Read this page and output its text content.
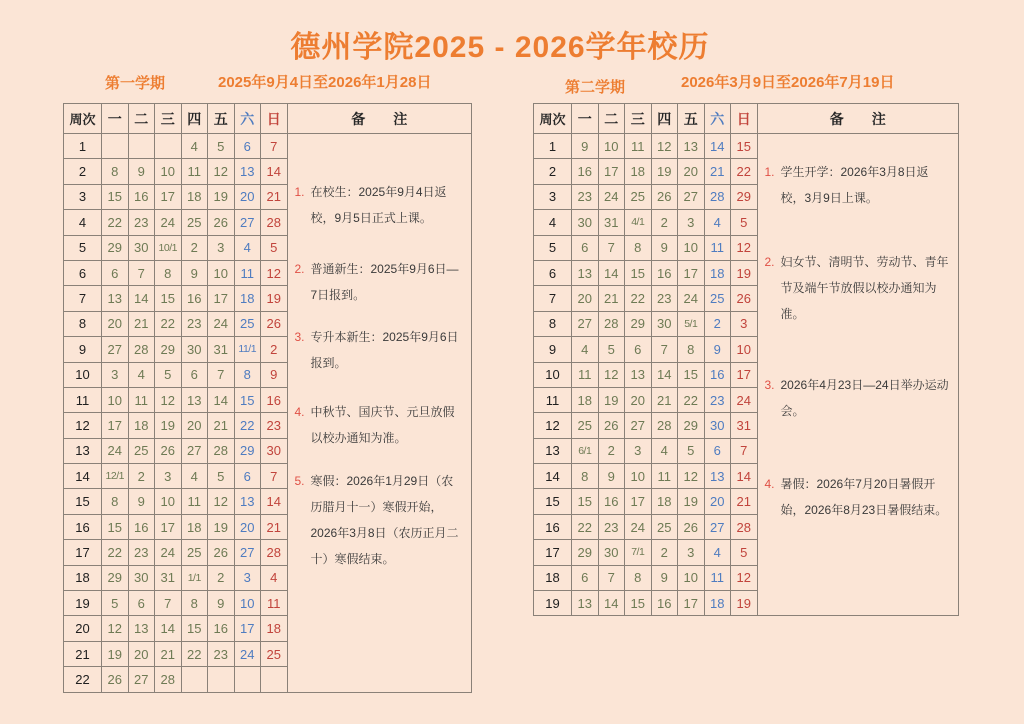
德州学院2025 - 2026学年校历
第一学期	2025年9月4日至2026年1月28日	第二学期	2026年3月9日至2026年7月19日
周次	一	二	三	四	五	六	日	备　　注
1				4	5	6	7	
1. 在校生：2025年9月4日返校，9月5日正式上课。
2. 普通新生：2025年9月6日—7日报到。
3. 专升本新生：2025年9月6日报到。
4. 中秋节、国庆节、元旦放假以校办通知为准。
5. 寒假：2026年1月29日（农历腊月十一）寒假开始，2026年3月8日（农历正月二十）寒假结束。

2	8	9	10	11	12	13	14	
3	15	16	17	18	19	20	21	
4	22	23	24	25	26	27	28	
5	29	30	10/1	2	3	4	5	
6	6	7	8	9	10	11	12	
7	13	14	15	16	17	18	19	
8	20	21	22	23	24	25	26	
9	27	28	29	30	31	11/1	2	
10	3	4	5	6	7	8	9	
11	10	11	12	13	14	15	16	
12	17	18	19	20	21	22	23	
13	24	25	26	27	28	29	30	
14	12/1	2	3	4	5	6	7	
15	8	9	10	11	12	13	14	
16	15	16	17	18	19	20	21	
17	22	23	24	25	26	27	28	
18	29	30	31	1/1	2	3	4	
19	5	6	7	8	9	10	11	
20	12	13	14	15	16	17	18	
21	19	20	21	22	23	24	25	
22	26	27	28					
周次	一	二	三	四	五	六	日	备　　注
1	9	10	11	12	13	14	15	
1. 学生开学：2026年3月8日返校，3月9日上课。
2. 妇女节、清明节、劳动节、青年节及端午节放假以校办通知为准。
3. 2026年4月23日—24日举办运动会。
4. 暑假：2026年7月20日暑假开始，2026年8月23日暑假结束。

2	16	17	18	19	20	21	22	
3	23	24	25	26	27	28	29	
4	30	31	4/1	2	3	4	5	
5	6	7	8	9	10	11	12	
6	13	14	15	16	17	18	19	
7	20	21	22	23	24	25	26	
8	27	28	29	30	5/1	2	3	
9	4	5	6	7	8	9	10	
10	11	12	13	14	15	16	17	
11	18	19	20	21	22	23	24	
12	25	26	27	28	29	30	31	
13	6/1	2	3	4	5	6	7	
14	8	9	10	11	12	13	14	
15	15	16	17	18	19	20	21	
16	22	23	24	25	26	27	28	
17	29	30	7/1	2	3	4	5	
18	6	7	8	9	10	11	12	
19	13	14	15	16	17	18	19	
